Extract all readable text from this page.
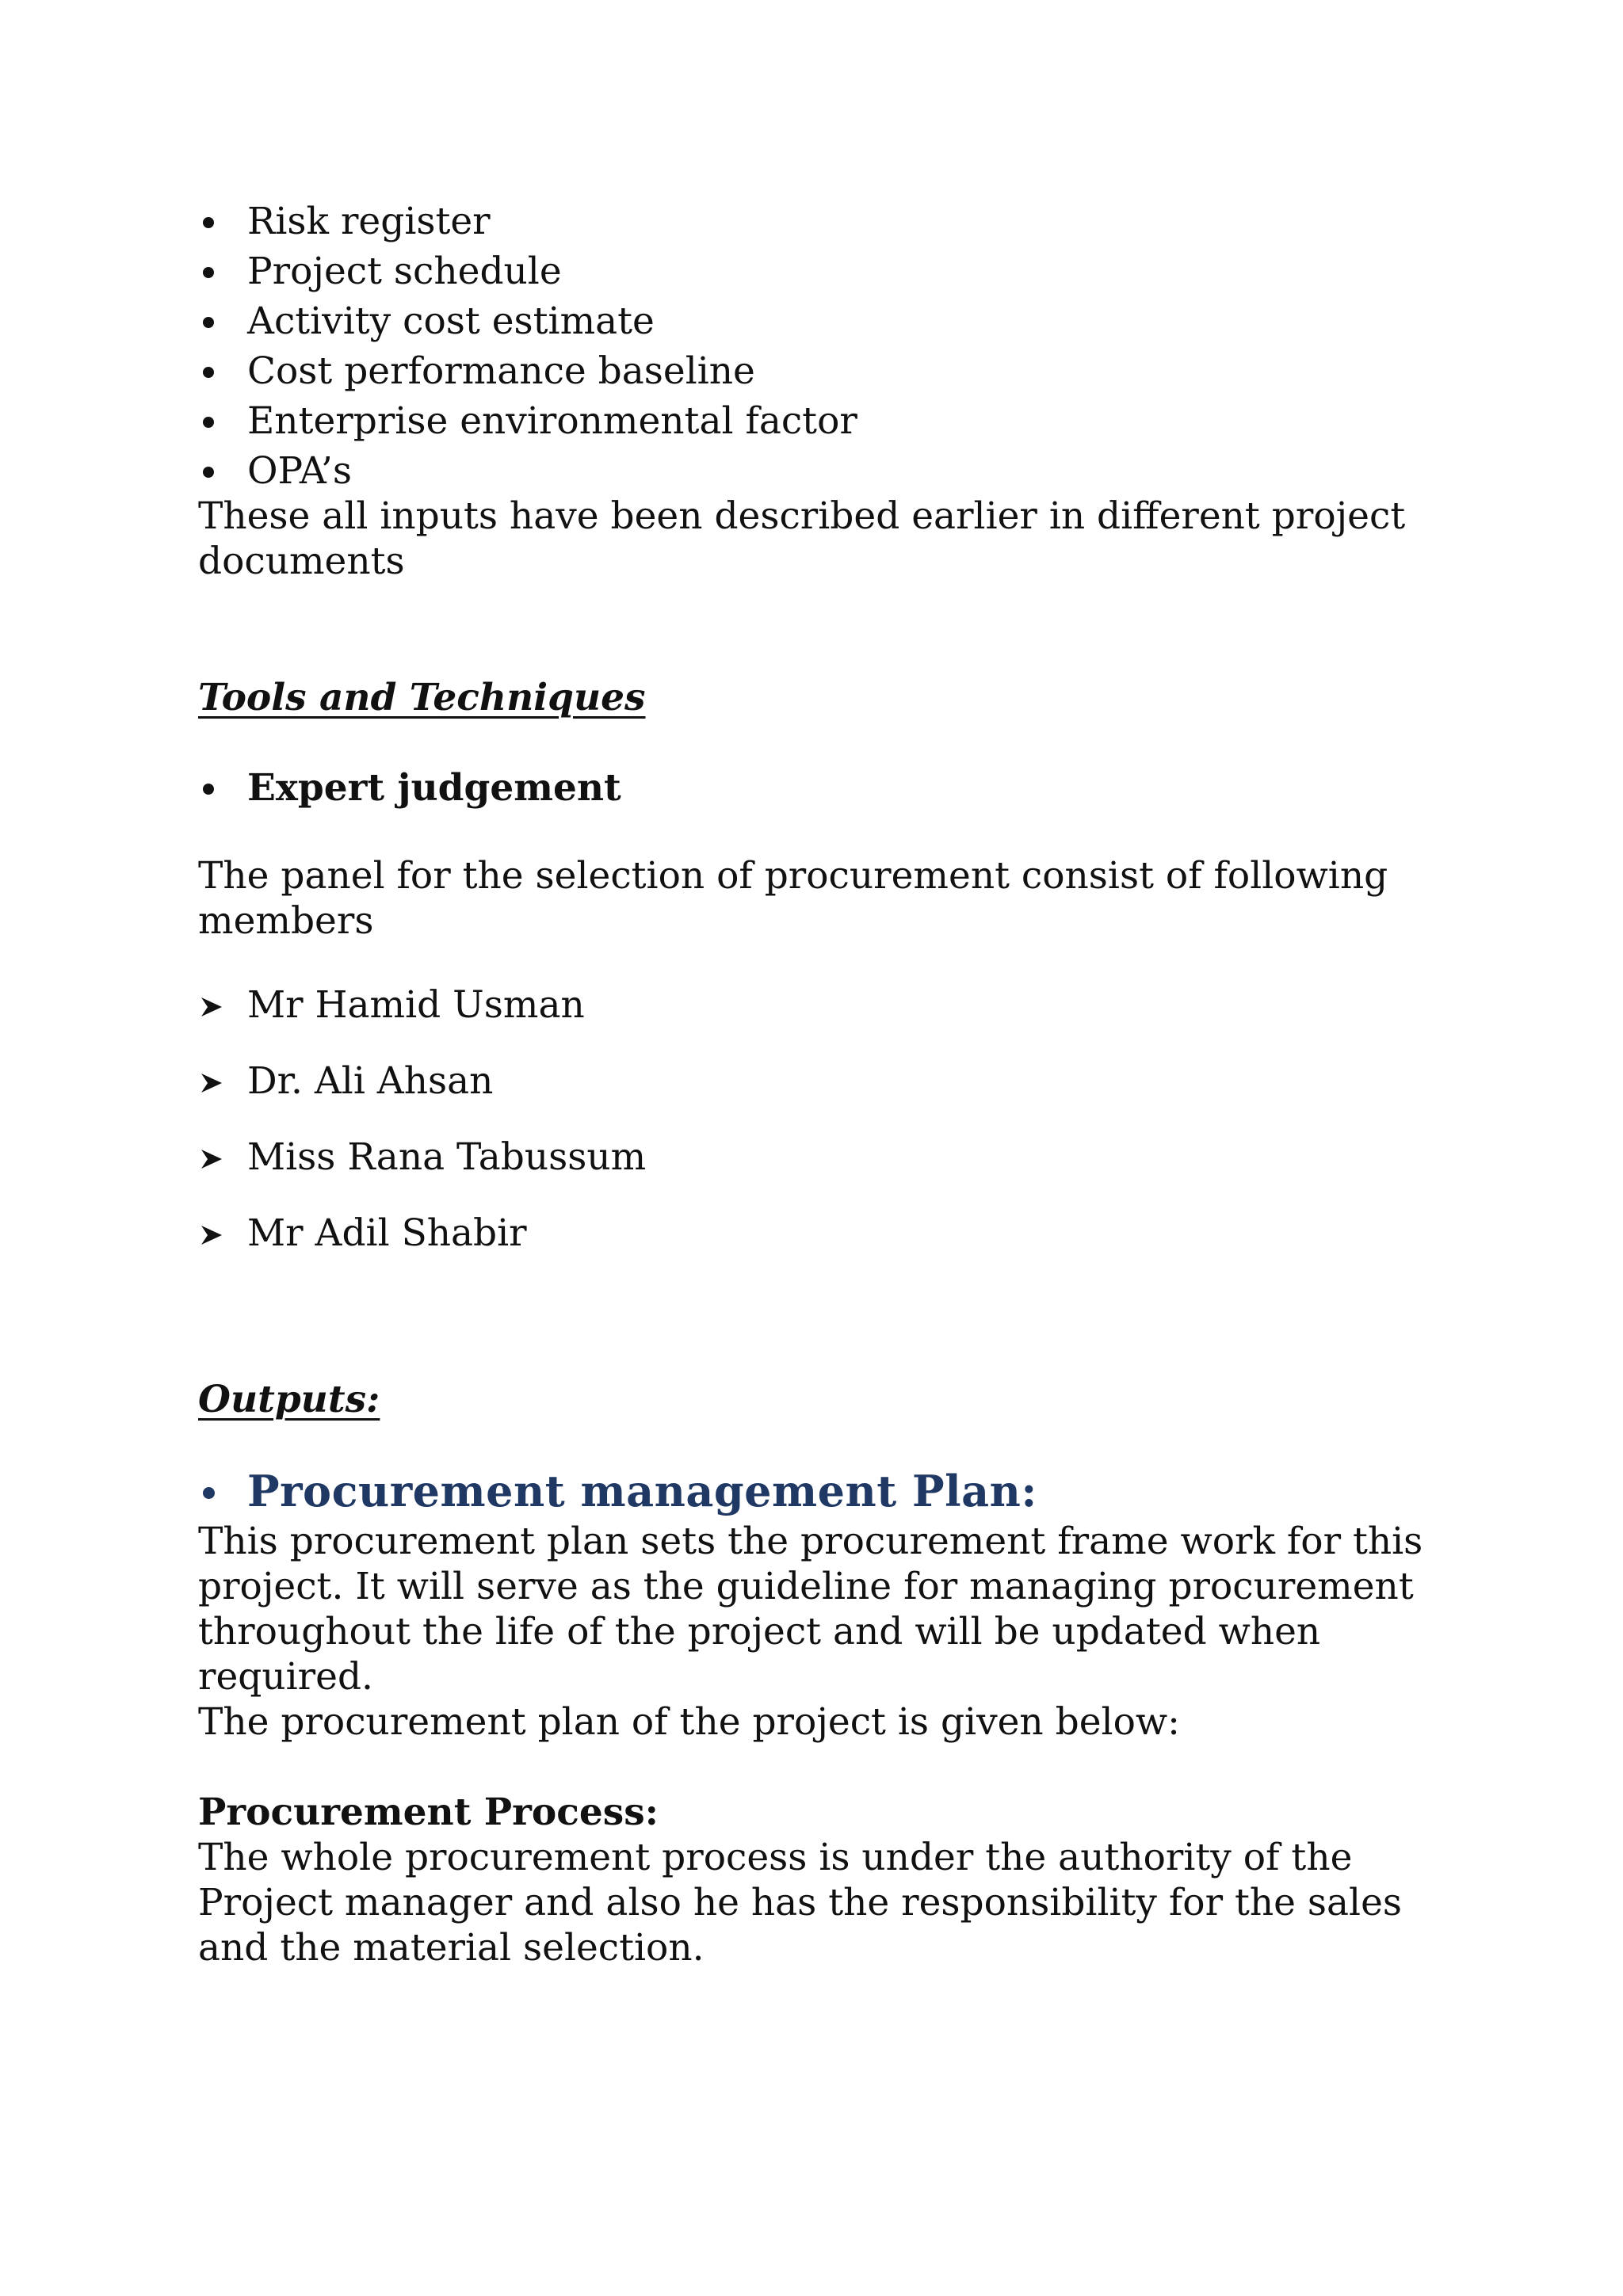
Risk register
Project schedule
Activity cost estimate
Cost performance baseline
Enterprise environmental factor
OPA’s

These all inputs have been described earlier in different project documents

Tools and Techniques
Expert judgement

The panel for the selection of procurement consist of following members

Mr Hamid Usman
Dr. Ali Ahsan
Miss Rana Tabussum
Mr Adil Shabir
Outputs:
Procurement management Plan:

This procurement plan sets the procurement frame work for this project. It will serve as the guideline for managing procurement throughout the life of the project and will be updated when required.

The procurement plan of the project is given below:

Procurement Process:

The whole procurement process is under the authority of the Project manager and also he has the responsibility for the sales and the material selection.
